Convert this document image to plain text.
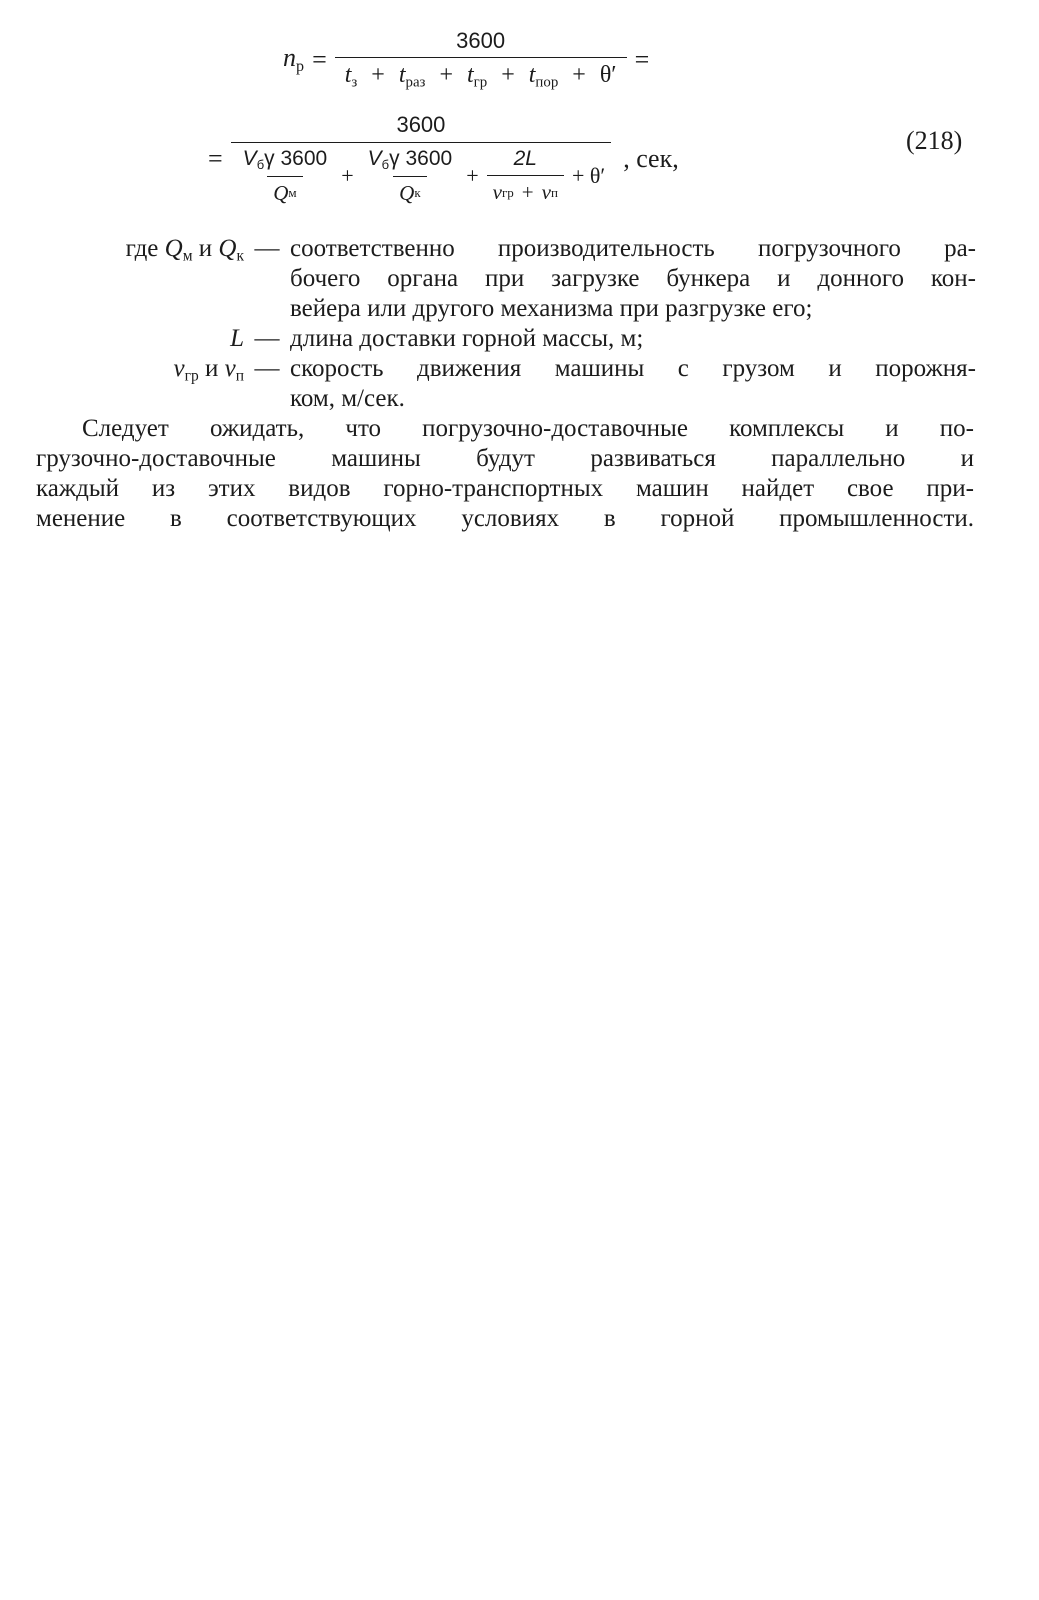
$n_р$ =
3600
$t_з + t_{раз} + t_{гр} + t_{пор} + \theta'$
=
=
3600
$\frac{V_б\gamma 3600}{\text{Q м}} + \frac{V_б\gamma 3600}{\text{Q к}} + \frac{2L}{\text{v гр + v п}} + \theta'$
, сек,
(218)
где $Q_м$ и $Q_к$ — соответственно производительность погрузочного ра-
бочего органа при загрузке бункера и донного кон-
вейера или другого механизма при разгрузке его;
L — длина доставки горной массы, м;
$v_{гр}$ и $v_п$ — скорость движения машины с грузом и порожня-
ком, м/сек.
Следует ожидать, что погрузочно-доставочные комплексы и по-
грузочно-доставочные машины будут развиваться параллельно и
каждый из этих видов горно-транспортных машин найдет свое при-
менение в соответствующих условиях в горной промышленности.
